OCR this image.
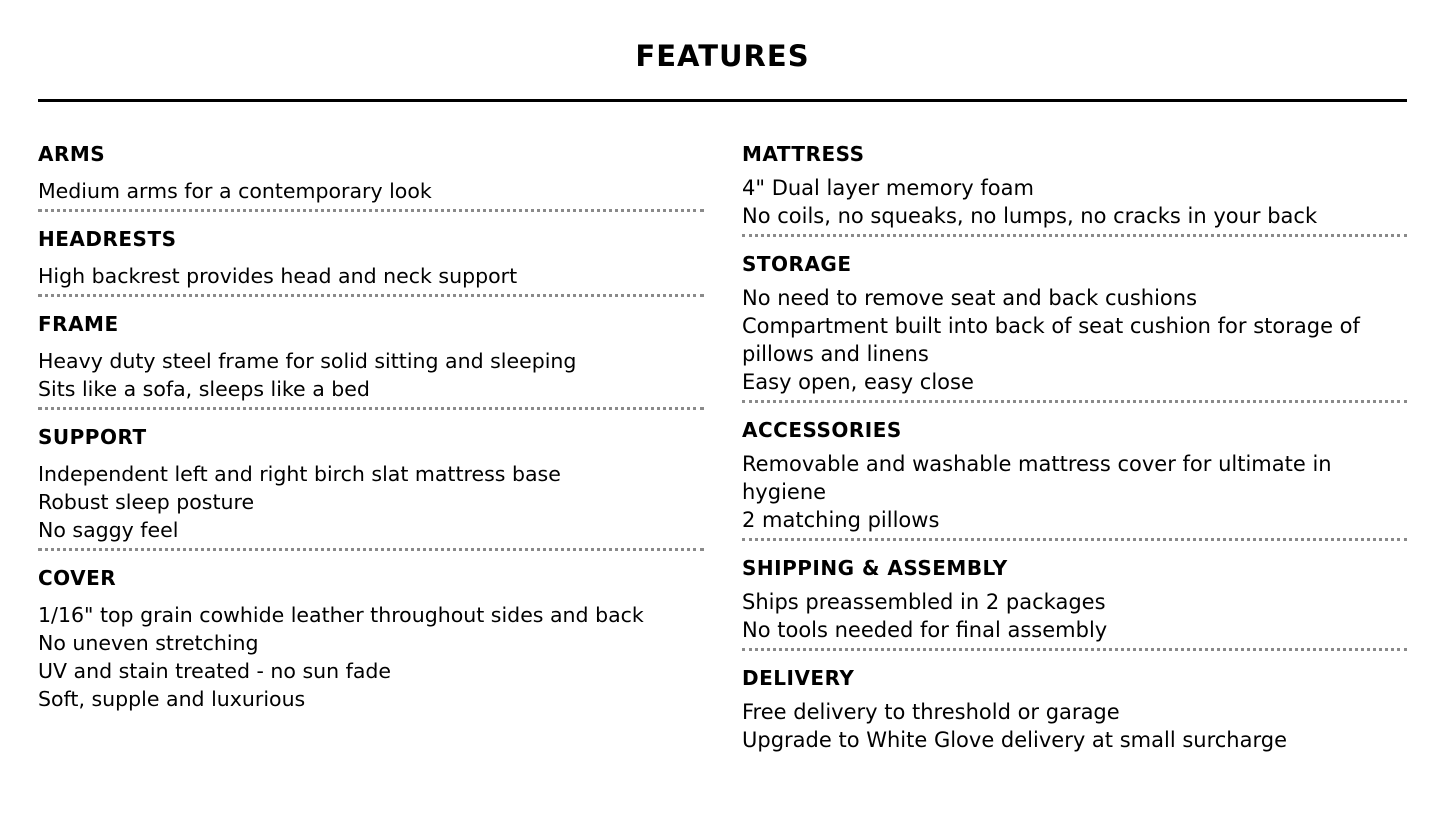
FEATURES
ARMS

Medium arms for a contemporary look

HEADRESTS

High backrest provides head and neck support

FRAME

Heavy duty steel frame for solid sitting and sleeping

Sits like a sofa, sleeps like a bed

SUPPORT

Independent left and right birch slat mattress base

Robust sleep posture

No saggy feel

COVER

1/16" top grain cowhide leather throughout sides and back

No uneven stretching

UV and stain treated - no sun fade

Soft, supple and luxurious

MATTRESS

4" Dual layer memory foam

No coils, no squeaks, no lumps, no cracks in your back

STORAGE

No need to remove seat and back cushions

Compartment built into back of seat cushion for storage of pillows and linens

Easy open, easy close

ACCESSORIES

Removable and washable mattress cover for ultimate in hygiene

2 matching pillows

SHIPPING & ASSEMBLY

Ships preassembled in 2 packages

No tools needed for final assembly

DELIVERY

Free delivery to threshold or garage

Upgrade to White Glove delivery at small surcharge
